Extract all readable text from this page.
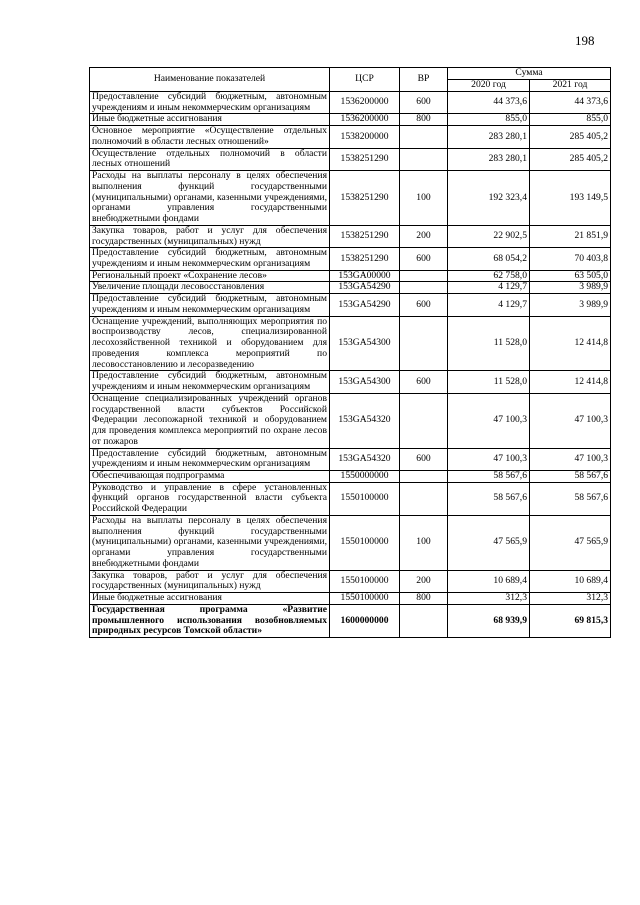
198
Наименование показателей	ЦСР	ВР	Сумма	
			2020 год	2021 год
Предоставление субсидий бюджетным, автономным учреждениям и иным некоммерческим организациям	1536200000	600	44 373,6	44 373,6
Иные бюджетные ассигнования	1536200000	800	855,0	855,0
Основное мероприятие «Осуществление отдельных полномочий в области лесных отношений»	1538200000		283 280,1	285 405,2
Осуществление отдельных полномочий в области лесных отношений	1538251290		283 280,1	285 405,2
Расходы на выплаты персоналу в целях обеспечения выполнения функций государственными (муниципальными) органами, казенными учреждениями, органами управления государственными внебюджетными фондами	1538251290	100	192 323,4	193 149,5
Закупка товаров, работ и услуг для обеспечения государственных (муниципальных) нужд	1538251290	200	22 902,5	21 851,9
Предоставление субсидий бюджетным, автономным учреждениям и иным некоммерческим организациям	1538251290	600	68 054,2	70 403,8
Региональный проект «Сохранение лесов»	153GA00000		62 758,0	63 505,0
Увеличение площади лесовосстановления	153GA54290		4 129,7	3 989,9
Предоставление субсидий бюджетным, автономным учреждениям и иным некоммерческим организациям	153GA54290	600	4 129,7	3 989,9
Оснащение учреждений, выполняющих мероприятия по воспроизводству лесов, специализированной лесохозяйственной техникой и оборудованием для проведения комплекса мероприятий по лесовосстановлению и лесоразведению	153GA54300		11 528,0	12 414,8
Предоставление субсидий бюджетным, автономным учреждениям и иным некоммерческим организациям	153GA54300	600	11 528,0	12 414,8
Оснащение специализированных учреждений органов государственной власти субъектов Российской Федерации лесопожарной техникой и оборудованием для проведения комплекса мероприятий по охране лесов от пожаров	153GA54320		47 100,3	47 100,3
Предоставление субсидий бюджетным, автономным учреждениям и иным некоммерческим организациям	153GA54320	600	47 100,3	47 100,3
Обеспечивающая подпрограмма	1550000000		58 567,6	58 567,6
Руководство и управление в сфере установленных функций органов государственной власти субъекта Российской Федерации	1550100000		58 567,6	58 567,6
Расходы на выплаты персоналу в целях обеспечения выполнения функций государственными (муниципальными) органами, казенными учреждениями, органами управления государственными внебюджетными фондами	1550100000	100	47 565,9	47 565,9
Закупка товаров, работ и услуг для обеспечения государственных (муниципальных) нужд	1550100000	200	10 689,4	10 689,4
Иные бюджетные ассигнования	1550100000	800	312,3	312,3
Государственная программа «Развитие промышленного использования возобновляемых природных ресурсов Томской области»	1600000000		68 939,9	69 815,3
